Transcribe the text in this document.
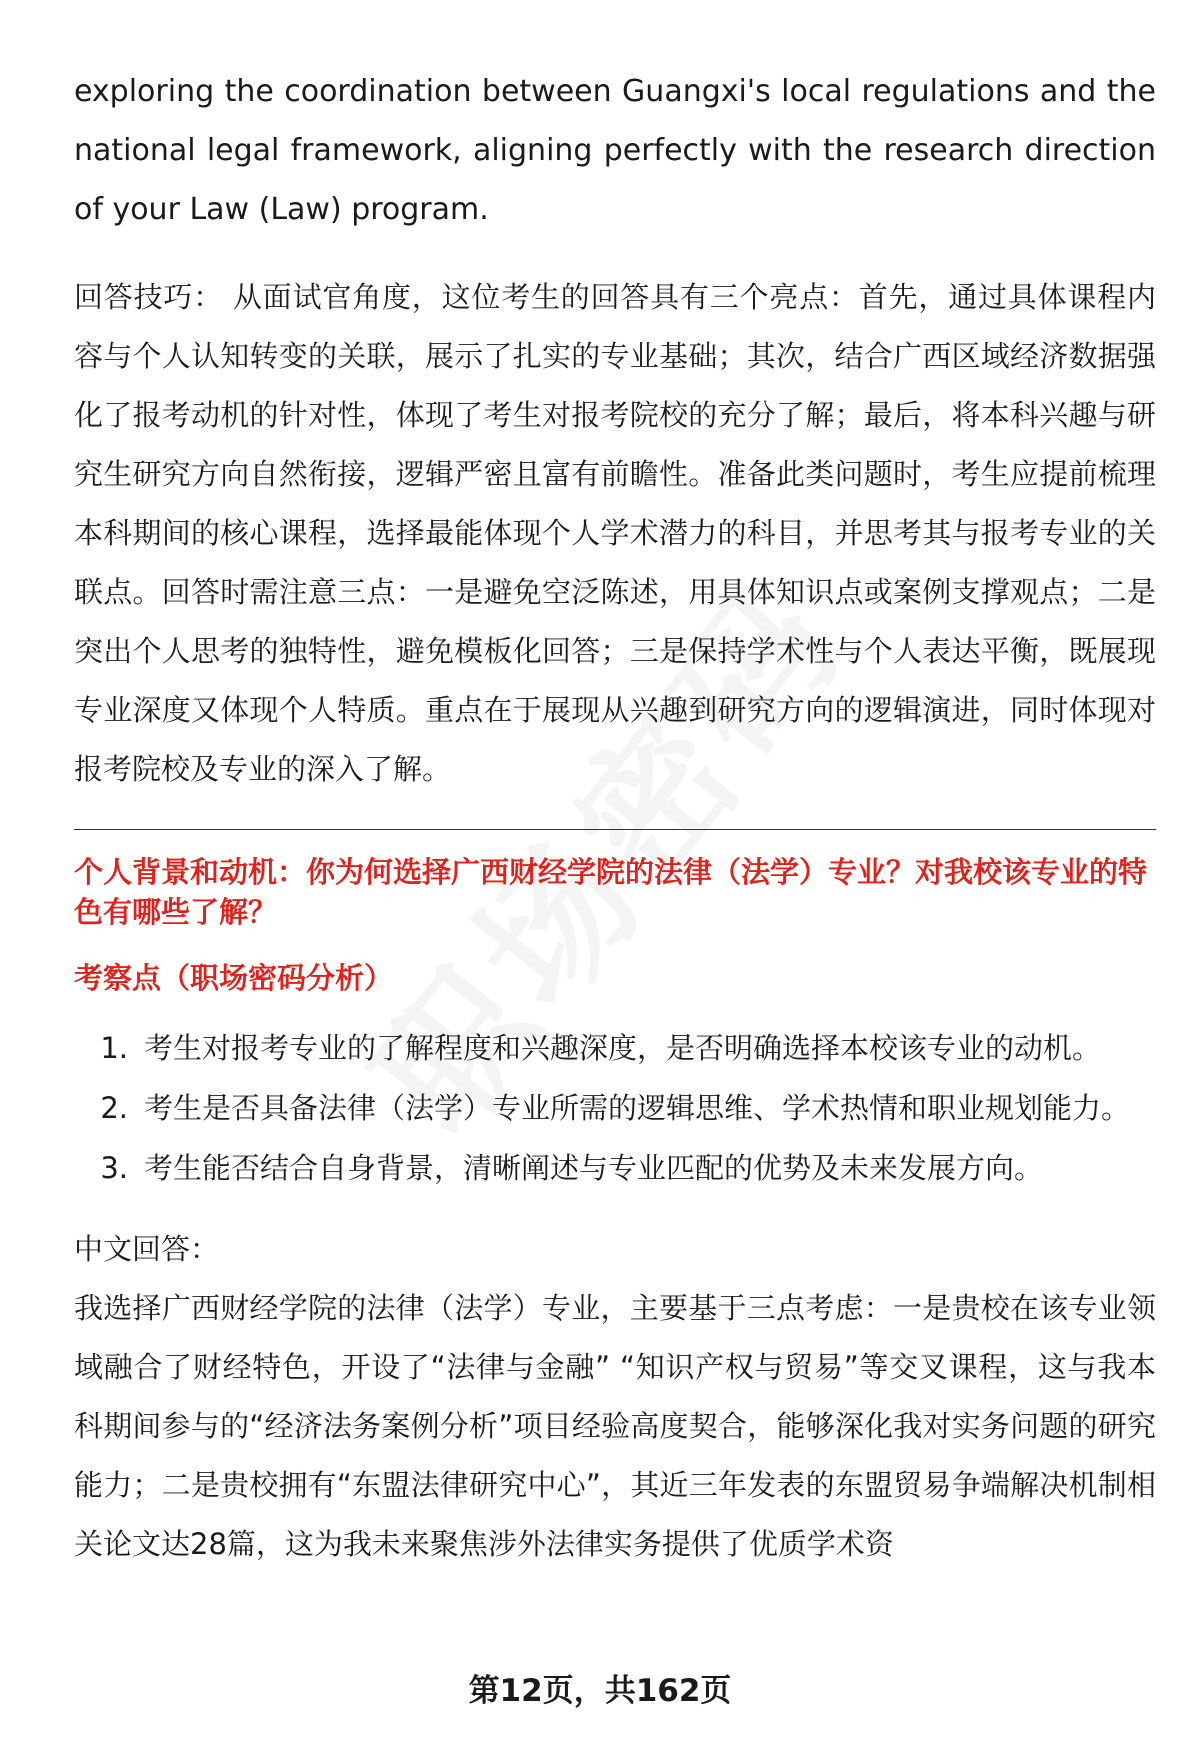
exploring the coordination between Guangxi's local regulations and the national legal framework, aligning perfectly with the research direction of your Law (Law) program.

回答技巧： 从面试官角度，这位考生的回答具有三个亮点：首先，通过具体课程内容与个人认知转变的关联，展示了扎实的专业基础；其次，结合广西区域经济数据强化了报考动机的针对性，体现了考生对报考院校的充分了解；最后，将本科兴趣与研究生研究方向自然衔接，逻辑严密且富有前瞻性。准备此类问题时，考生应提前梳理本科期间的核心课程，选择最能体现个人学术潜力的科目，并思考其与报考专业的关联点。回答时需注意三点：一是避免空泛陈述，用具体知识点或案例支撑观点；二是突出个人思考的独特性，避免模板化回答；三是保持学术性与个人表达平衡，既展现专业深度又体现个人特质。重点在于展现从兴趣到研究方向的逻辑演进，同时体现对报考院校及专业的深入了解。

个人背景和动机：你为何选择广西财经学院的法律（法学）专业？对我校该专业的特色有哪些了解？

考察点（职场密码分析）

1. 考生对报考专业的了解程度和兴趣深度，是否明确选择本校该专业的动机。
2. 考生是否具备法律（法学）专业所需的逻辑思维、学术热情和职业规划能力。
3. 考生能否结合自身背景，清晰阐述与专业匹配的优势及未来发展方向。

中文回答：

我选择广西财经学院的法律（法学）专业，主要基于三点考虑：一是贵校在该专业领域融合了财经特色，开设了“法律与金融” “知识产权与贸易”等交叉课程，这与我本科期间参与的“经济法务案例分析”项目经验高度契合，能够深化我对实务问题的研究能力；二是贵校拥有“东盟法律研究中心”，其近三年发表的东盟贸易争端解决机制相关论文达28篇，这为我未来聚焦涉外法律实务提供了优质学术资

第12页，共162页
